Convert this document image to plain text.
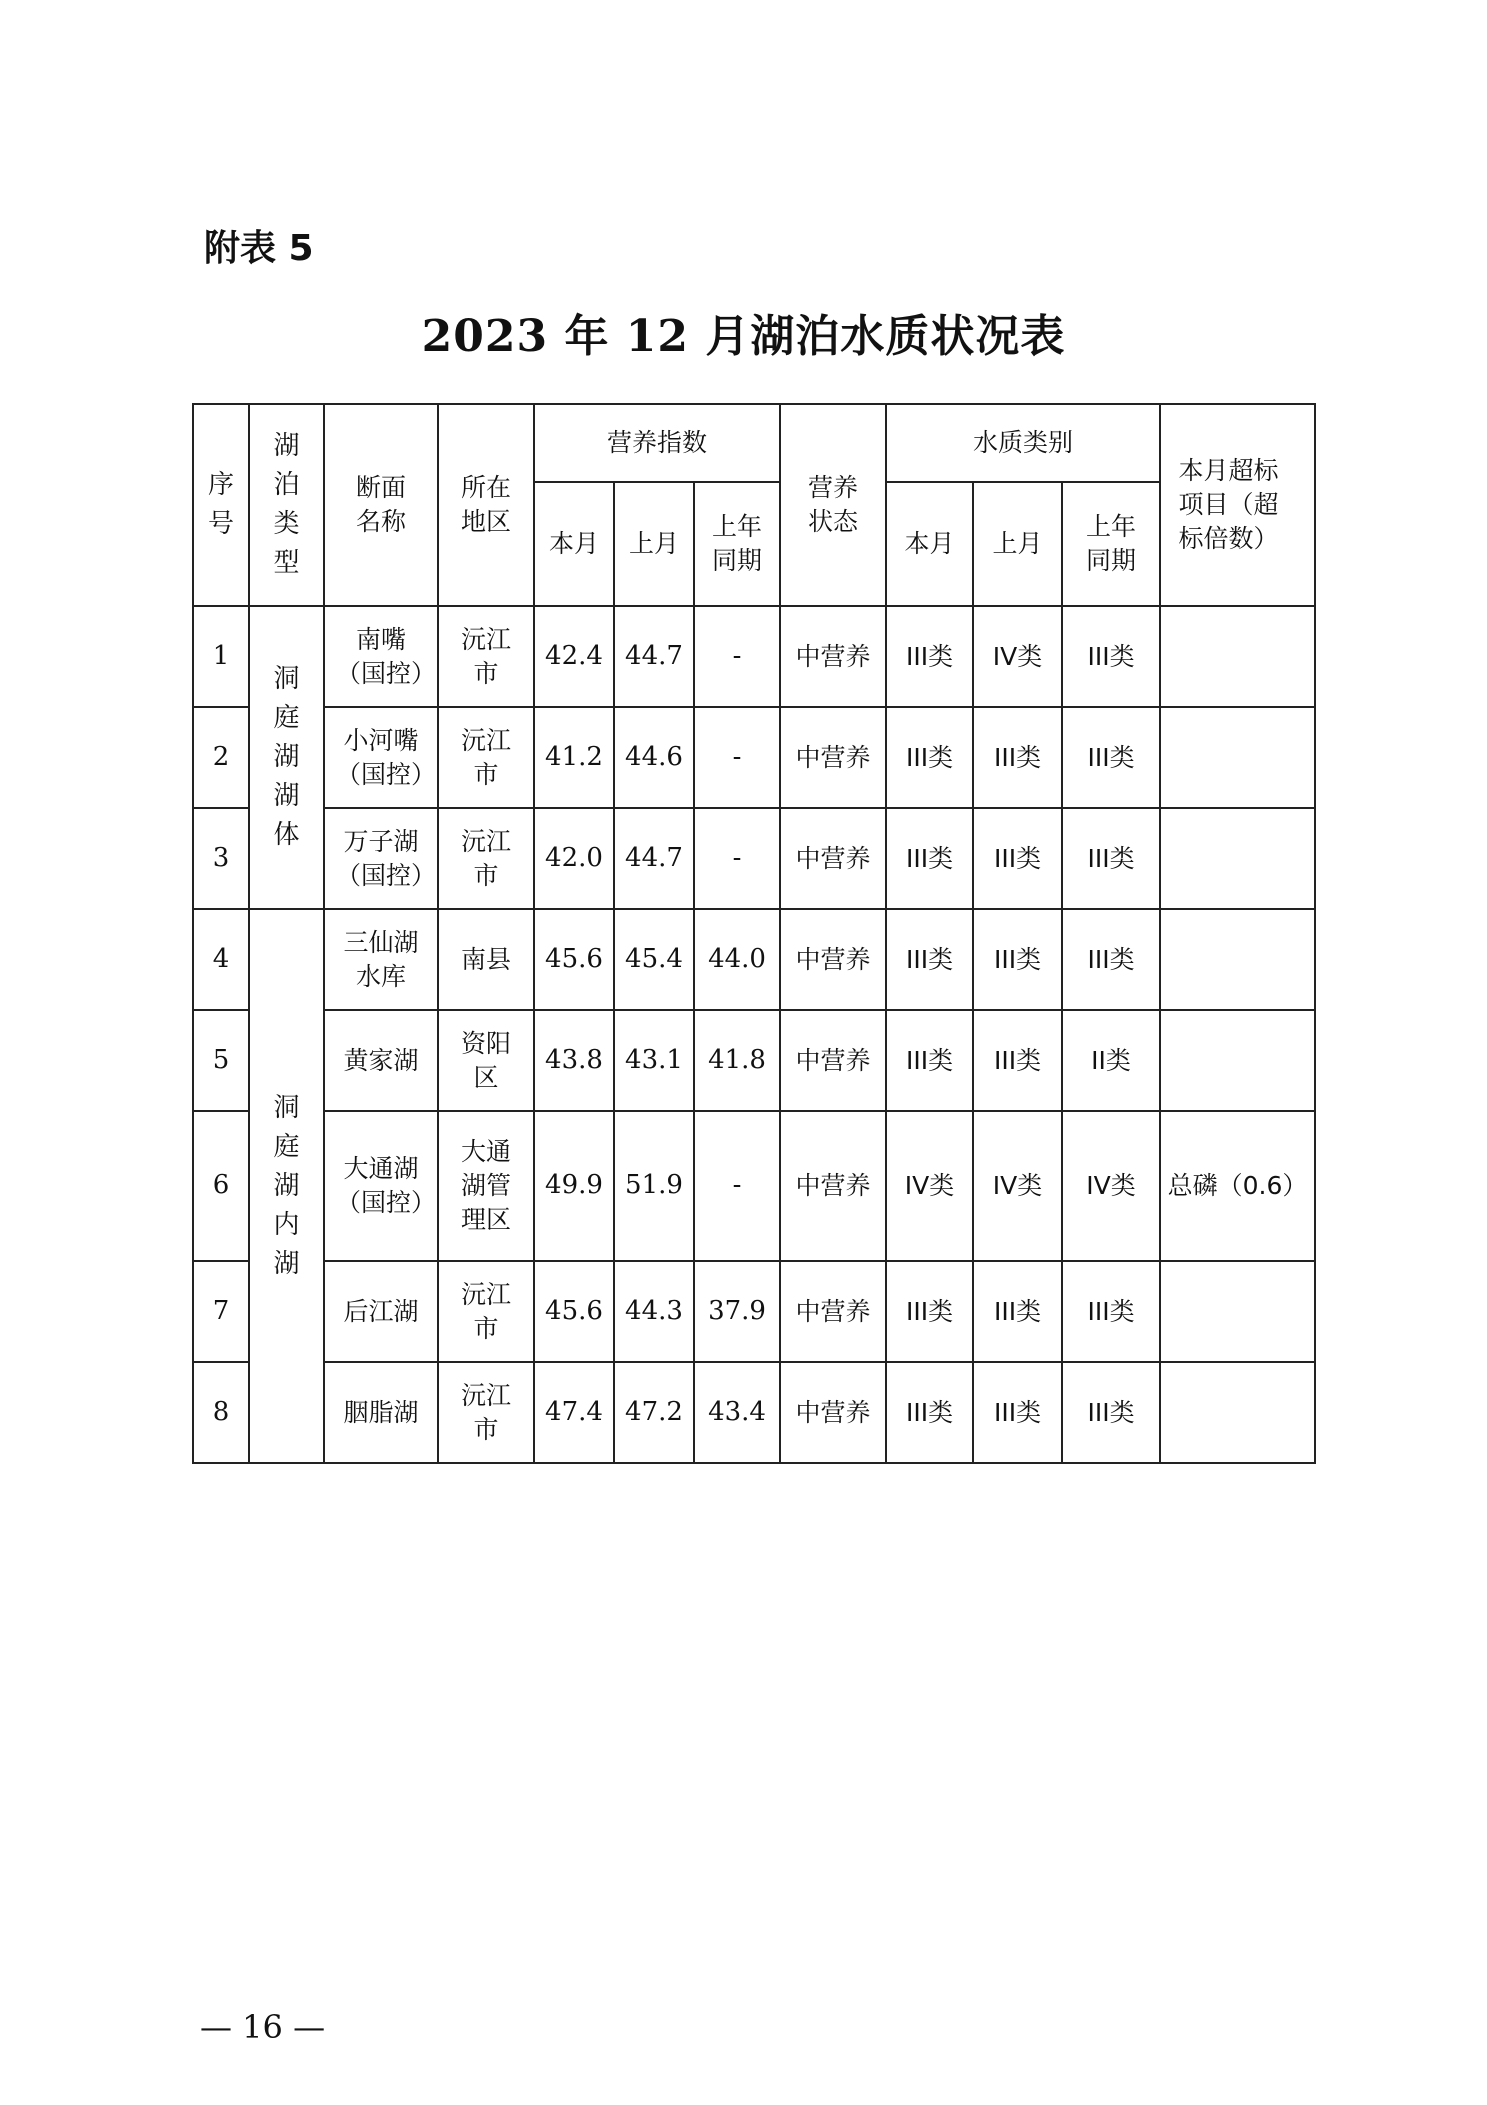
附表 5
2023 年 12 月湖泊水质状况表
序号	湖泊类型	断面名称	所在地区	营养指数			营养状态	水质类别			本月超标项目（超标倍数）
				本月	上月	上年同期		本月	上月	上年同期	
1	洞庭湖湖体	南嘴（国控）	沅江市	42.4	44.7	-	中营养	III类	IV类	III类	
2		小河嘴（国控）	沅江市	41.2	44.6	-	中营养	III类	III类	III类	
3		万子湖（国控）	沅江市	42.0	44.7	-	中营养	III类	III类	III类	
4	洞庭湖内湖	三仙湖水库	南县	45.6	45.4	44.0	中营养	III类	III类	III类	
5		黄家湖	资阳区	43.8	43.1	41.8	中营养	III类	III类	II类	
6		大通湖（国控）	大通湖管理区	49.9	51.9	-	中营养	IV类	IV类	IV类	总磷（0.6）
7		后江湖	沅江市	45.6	44.3	37.9	中营养	III类	III类	III类	
8		胭脂湖	沅江市	47.4	47.2	43.4	中营养	III类	III类	III类	
— 16 —
